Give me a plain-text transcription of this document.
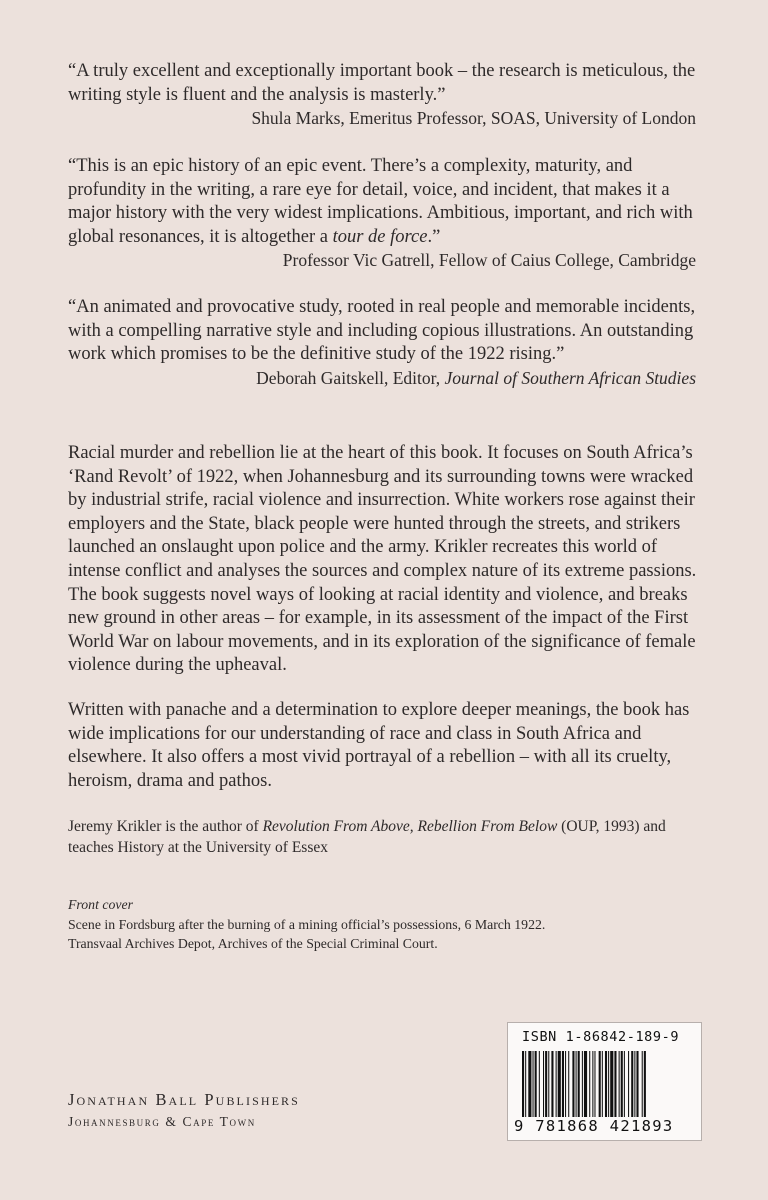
“A truly excellent and exceptionally important book – the research is meticulous, the writing style is fluent and the analysis is masterly.”

Shula Marks, Emeritus Professor, SOAS, University of London

“This is an epic history of an epic event. There’s a complexity, maturity, and profundity in the writing, a rare eye for detail, voice, and incident, that makes it a major history with the very widest implications. Ambitious, important, and rich with global resonances, it is altogether a tour de force.”

Professor Vic Gatrell, Fellow of Caius College, Cambridge

“An animated and provocative study, rooted in real people and memorable incidents, with a compelling narrative style and including copious illustrations. An outstanding work which promises to be the definitive study of the 1922 rising.”

Deborah Gaitskell, Editor, Journal of Southern African Studies

Racial murder and rebellion lie at the heart of this book. It focuses on South Africa’s ‘Rand Revolt’ of 1922, when Johannesburg and its surrounding towns were wracked by industrial strife, racial violence and insurrection. White workers rose against their employers and the State, black people were hunted through the streets, and strikers launched an onslaught upon police and the army. Krikler recreates this world of intense conflict and analyses the sources and complex nature of its extreme passions. The book suggests novel ways of looking at racial identity and violence, and breaks new ground in other areas – for example, in its assessment of the impact of the First World War on labour movements, and in its exploration of the significance of female violence during the upheaval.

Written with panache and a determination to explore deeper meanings, the book has wide implications for our understanding of race and class in South Africa and elsewhere. It also offers a most vivid portrayal of a rebellion – with all its cruelty, heroism, drama and pathos.

Jeremy Krikler is the author of Revolution From Above, Rebellion From Below (OUP, 1993) and teaches History at the University of Essex

Front cover

Scene in Fordsburg after the burning of a mining official’s possessions, 6 March 1922.

Transvaal Archives Depot, Archives of the Special Criminal Court.

Jonathan Ball Publishers
Johannesburg & Cape Town
ISBN 1-86842-189-9
9 781868 421893
